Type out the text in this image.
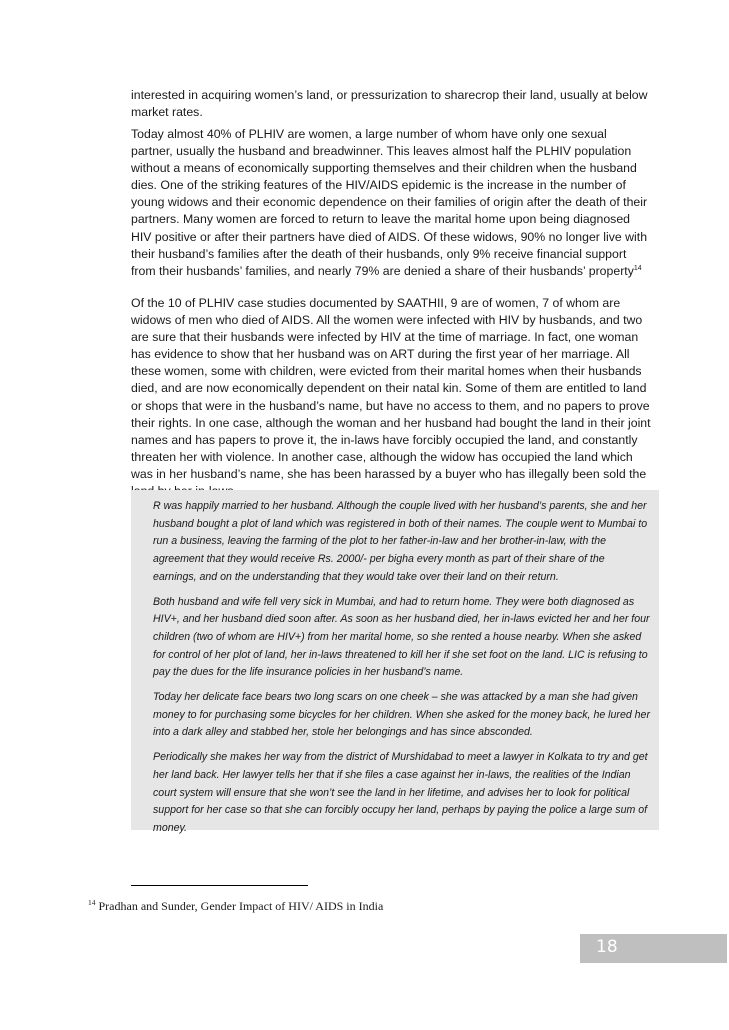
interested in acquiring women’s land, or pressurization to sharecrop their land, usually at below market rates.

Today almost 40% of PLHIV are women, a large number of whom have only one sexual partner, usually the husband and breadwinner. This leaves almost half the PLHIV population without a means of economically supporting themselves and their children when the husband dies. One of the striking features of the HIV/AIDS epidemic is the increase in the number of young widows and their economic dependence on their families of origin after the death of their partners. Many women are forced to return to leave the marital home upon being diagnosed HIV positive or after their partners have died of AIDS. Of these widows, 90% no longer live with their husband’s families after the death of their husbands, only 9% receive financial support from their husbands’ families, and nearly 79% are denied a share of their husbands’ property$^{14}$

Of the 10 of PLHIV case studies documented by SAATHII, 9 are of women, 7 of whom are widows of men who died of AIDS. All the women were infected with HIV by husbands, and two are sure that their husbands were infected by HIV at the time of marriage. In fact, one woman has evidence to show that her husband was on ART during the first year of her marriage. All these women, some with children, were evicted from their marital homes when their husbands died, and are now economically dependent on their natal kin. Some of them are entitled to land or shops that were in the husband’s name, but have no access to them, and no papers to prove their rights. In one case, although the woman and her husband had bought the land in their joint names and has papers to prove it, the in-laws have forcibly occupied the land, and constantly threaten her with violence. In another case, although the widow has occupied the land which was in her husband’s name, she has been harassed by a buyer who has illegally been sold the

R was happily married to her husband. Although the couple lived with her husband’s parents, she and her husband bought a plot of land which was registered in both of their names. The couple went to Mumbai to run a business, leaving the farming of the plot to her father-in-law and her brother-in-law, with the agreement that they would receive Rs. 2000/- per bigha every month as part of their share of the earnings, and on the understanding that they would take over their land on their return.

Both husband and wife fell very sick in Mumbai, and had to return home. They were both diagnosed as HIV+, and her husband died soon after. As soon as her husband died, her in-laws evicted her and her four children (two of whom are HIV+) from her marital home, so she rented a house nearby. When she asked for control of her plot of land, her in-laws threatened to kill her if she set foot on the land. LIC is refusing to pay the dues for the life insurance policies in her husband’s name.

Today her delicate face bears two long scars on one cheek – she was attacked by a man she had given money to for purchasing some bicycles for her children. When she asked for the money back, he lured her into a dark alley and stabbed her, stole her belongings and has since absconded.

Periodically she makes her way from the district of Murshidabad to meet a lawyer in Kolkata to try and get her land back. Her lawyer tells her that if she files a case against her in-laws, the realities of the Indian court system will ensure that she won’t see the land in her lifetime, and advises her to look for political support for her case so that she can forcibly occupy her land, perhaps by paying the police a large sum of money.

$^{14}$ Pradhan and Sunder, Gender Impact of HIV/ AIDS in India
18
